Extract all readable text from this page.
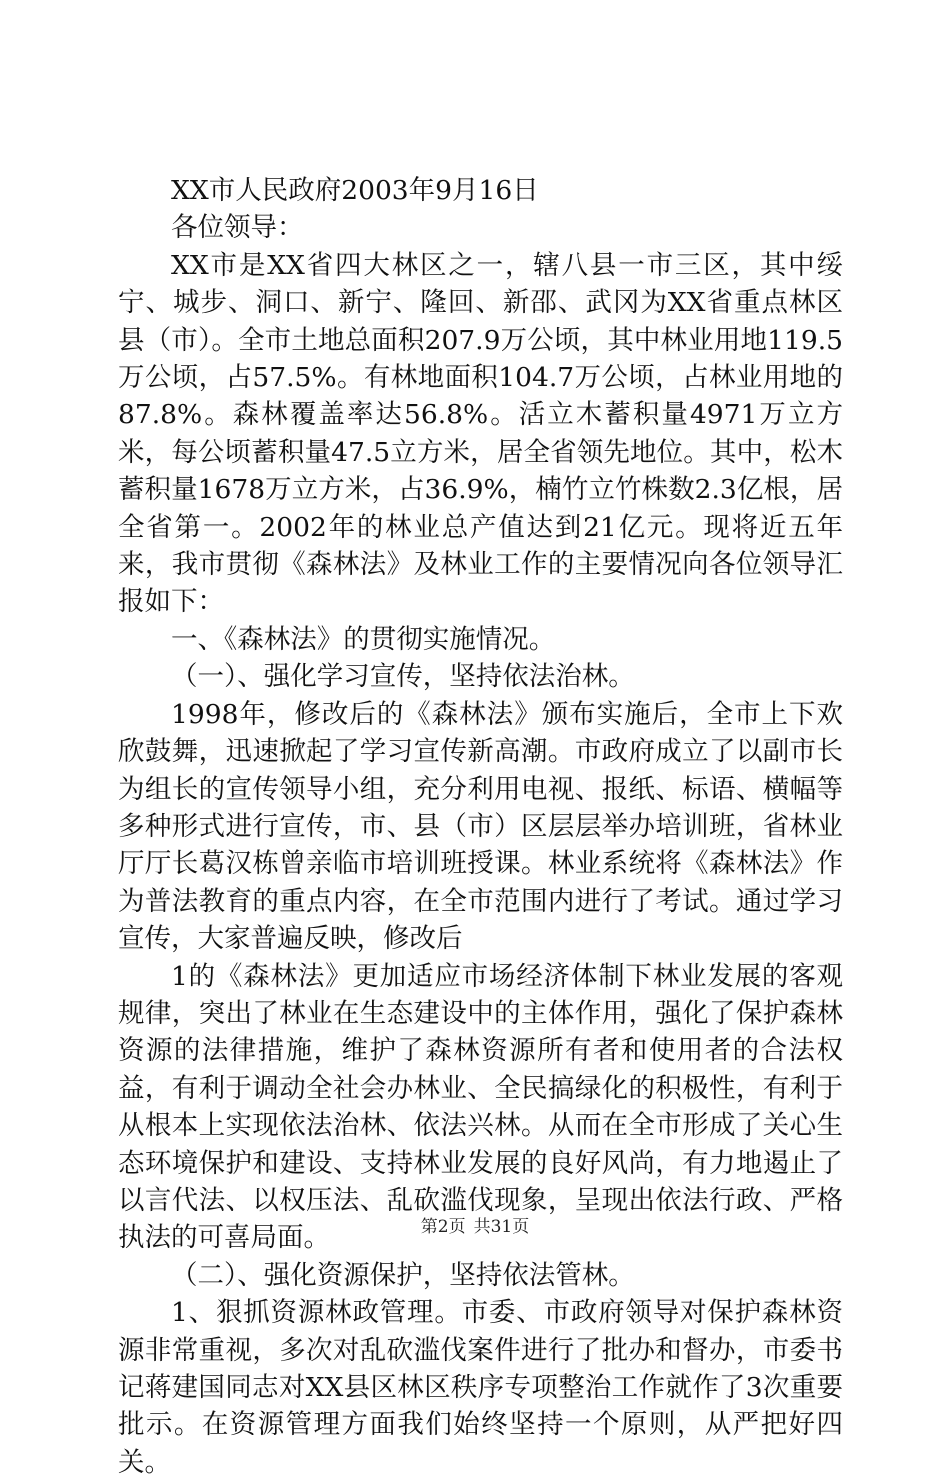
XX市人民政府2003年9月16日

各位领导：

XX市是XX省四大林区之一，辖八县一市三区，其中绥宁、城步、洞口、新宁、隆回、新邵、武冈为XX省重点林区县（市）。全市土地总面积207.9万公顷，其中林业用地119.5万公顷，占57.5%。有林地面积104.7万公顷，占林业用地的87.8%。森林覆盖率达56.8%。活立木蓄积量4971万立方米，每公顷蓄积量47.5立方米，居全省领先地位。其中，松木蓄积量1678万立方米，占36.9%，楠竹立竹株数2.3亿根，居全省第一。2002年的林业总产值达到21亿元。现将近五年来，我市贯彻《森林法》及林业工作的主要情况向各位领导汇报如下：

一、《森林法》的贯彻实施情况。

（一）、强化学习宣传，坚持依法治林。

1998年，修改后的《森林法》颁布实施后，全市上下欢欣鼓舞，迅速掀起了学习宣传新高潮。市政府成立了以副市长为组长的宣传领导小组，充分利用电视、报纸、标语、横幅等多种形式进行宣传，市、县（市）区层层举办培训班，省林业厅厅长葛汉栋曾亲临市培训班授课。林业系统将《森林法》作为普法教育的重点内容，在全市范围内进行了考试。通过学习宣传，大家普遍反映，修改后

1的《森林法》更加适应市场经济体制下林业发展的客观规律，突出了林业在生态建设中的主体作用，强化了保护森林资源的法律措施，维护了森林资源所有者和使用者的合法权益，有利于调动全社会办林业、全民搞绿化的积极性，有利于从根本上实现依法治林、依法兴林。从而在全市形成了关心生态环境保护和建设、支持林业发展的良好风尚，有力地遏止了以言代法、以权压法、乱砍滥伐现象，呈现出依法行政、严格执法的可喜局面。

（二）、强化资源保护，坚持依法管林。

1、狠抓资源林政管理。市委、市政府领导对保护森林资源非常重视，多次对乱砍滥伐案件进行了批办和督办，市委书记蒋建国同志对XX县区林区秩序专项整治工作就作了3次重要批示。在资源管理方面我们始终坚持一个原则，从严把好四关。

第2页 共31页
